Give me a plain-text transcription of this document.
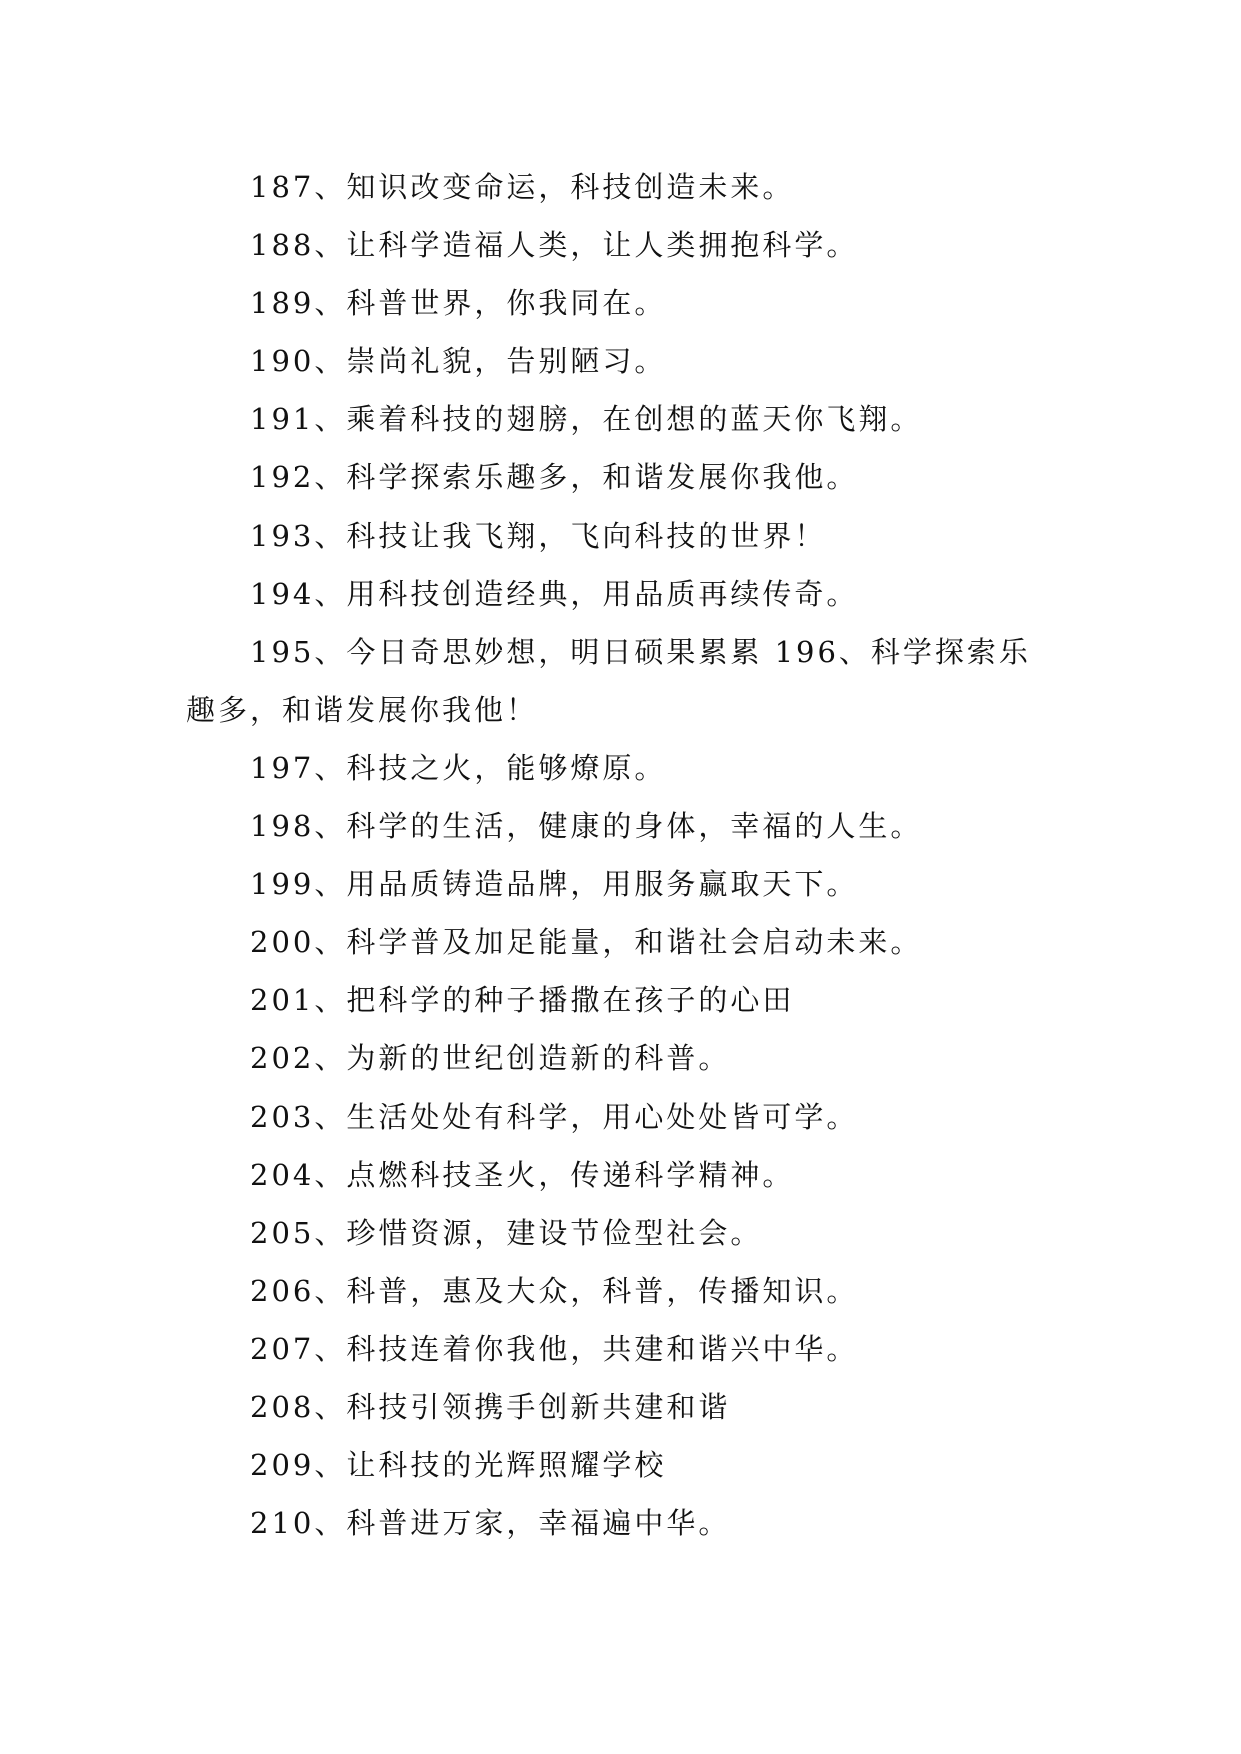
187、知识改变命运，科技创造未来。

188、让科学造福人类，让人类拥抱科学。

189、科普世界，你我同在。

190、崇尚礼貌，告别陋习。

191、乘着科技的翅膀，在创想的蓝天你飞翔。

192、科学探索乐趣多，和谐发展你我他。

193、科技让我飞翔，飞向科技的世界！

194、用科技创造经典，用品质再续传奇。

195、今日奇思妙想，明日硕果累累 196、科学探索乐趣多，和谐发展你我他！

197、科技之火，能够燎原。

198、科学的生活，健康的身体，幸福的人生。

199、用品质铸造品牌，用服务赢取天下。

200、科学普及加足能量，和谐社会启动未来。

201、把科学的种子播撒在孩子的心田

202、为新的世纪创造新的科普。

203、生活处处有科学，用心处处皆可学。

204、点燃科技圣火，传递科学精神。

205、珍惜资源，建设节俭型社会。

206、科普，惠及大众，科普，传播知识。

207、科技连着你我他，共建和谐兴中华。

208、科技引领携手创新共建和谐

209、让科技的光辉照耀学校

210、科普进万家，幸福遍中华。
